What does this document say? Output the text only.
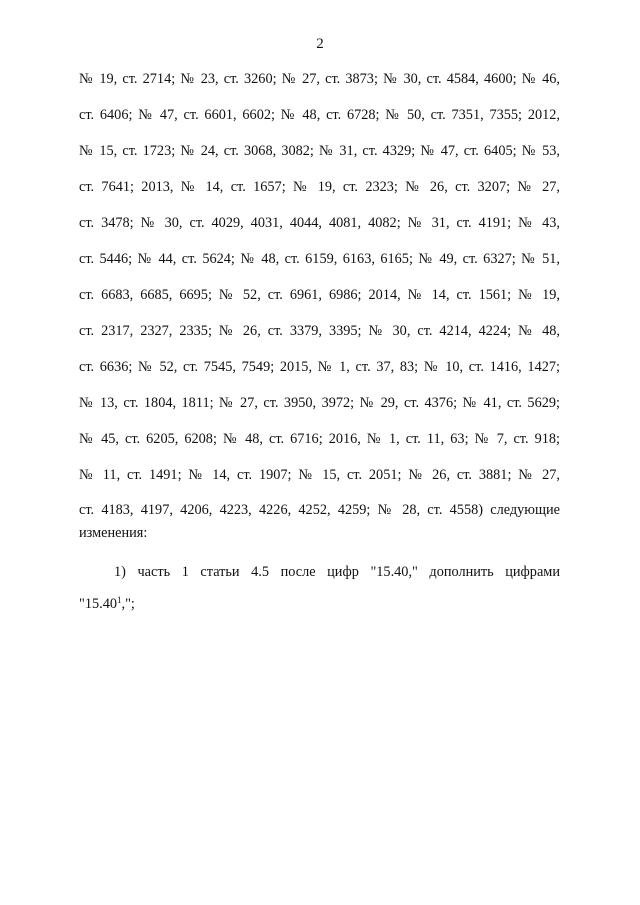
2
№ 19, ст. 2714; № 23, ст. 3260; № 27, ст. 3873; № 30, ст. 4584, 4600; № 46,
ст. 6406; № 47, ст. 6601, 6602; № 48, ст. 6728; № 50, ст. 7351, 7355; 2012,
№ 15, ст. 1723; № 24, ст. 3068, 3082; № 31, ст. 4329; № 47, ст. 6405; № 53,
ст. 7641; 2013, № 14, ст. 1657; № 19, ст. 2323; № 26, ст. 3207; № 27,
ст. 3478; № 30, ст. 4029, 4031, 4044, 4081, 4082; № 31, ст. 4191; № 43,
ст. 5446; № 44, ст. 5624; № 48, ст. 6159, 6163, 6165; № 49, ст. 6327; № 51,
ст. 6683, 6685, 6695; № 52, ст. 6961, 6986; 2014, № 14, ст. 1561; № 19,
ст. 2317, 2327, 2335; № 26, ст. 3379, 3395; № 30, ст. 4214, 4224; № 48,
ст. 6636; № 52, ст. 7545, 7549; 2015, № 1, ст. 37, 83; № 10, ст. 1416, 1427;
№ 13, ст. 1804, 1811; № 27, ст. 3950, 3972; № 29, ст. 4376; № 41, ст. 5629;
№ 45, ст. 6205, 6208; № 48, ст. 6716; 2016, № 1, ст. 11, 63; № 7, ст. 918;
№ 11, ст. 1491; № 14, ст. 1907; № 15, ст. 2051; № 26, ст. 3881; № 27,
ст. 4183, 4197, 4206, 4223, 4226, 4252, 4259; № 28, ст. 4558) следующие
изменения:
1) часть 1 статьи 4.5 после цифр "15.40," дополнить цифрами
"15.40$^1$,";
